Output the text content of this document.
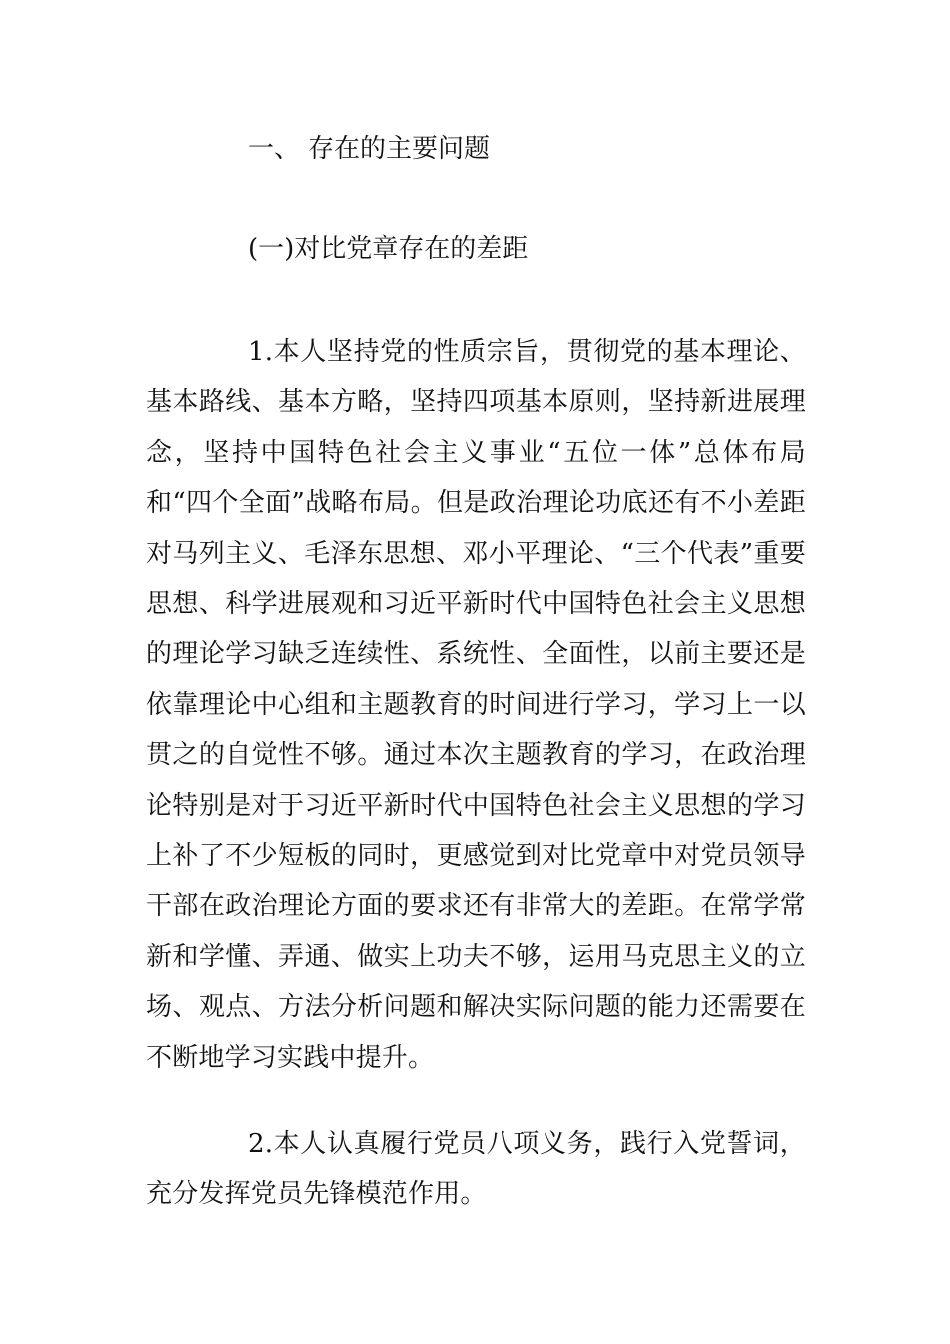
一、 存在的主要问题
(一)对比党章存在的差距

1.本人坚持党的性质宗旨，贯彻党的基本理论、基本路线、基本方略，坚持四项基本原则，坚持新进展理念，坚持中国特色社会主义事业“五位一体”总体布局和“四个全面”战略布局。但是政治理论功底还有不小差距对马列主义、毛泽东思想、邓小平理论、“三个代表”重要思想、科学进展观和习近平新时代中国特色社会主义思想的理论学习缺乏连续性、系统性、全面性，以前主要还是依靠理论中心组和主题教育的时间进行学习，学习上一以贯之的自觉性不够。通过本次主题教育的学习，在政治理论特别是对于习近平新时代中国特色社会主义思想的学习上补了不少短板的同时，更感觉到对比党章中对党员领导干部在政治理论方面的要求还有非常大的差距。在常学常新和学懂、弄通、做实上功夫不够，运用马克思主义的立场、观点、方法分析问题和解决实际问题的能力还需要在不断地学习实践中提升。

2.本人认真履行党员八项义务，践行入党誓词，充分发挥党员先锋模范作用。
